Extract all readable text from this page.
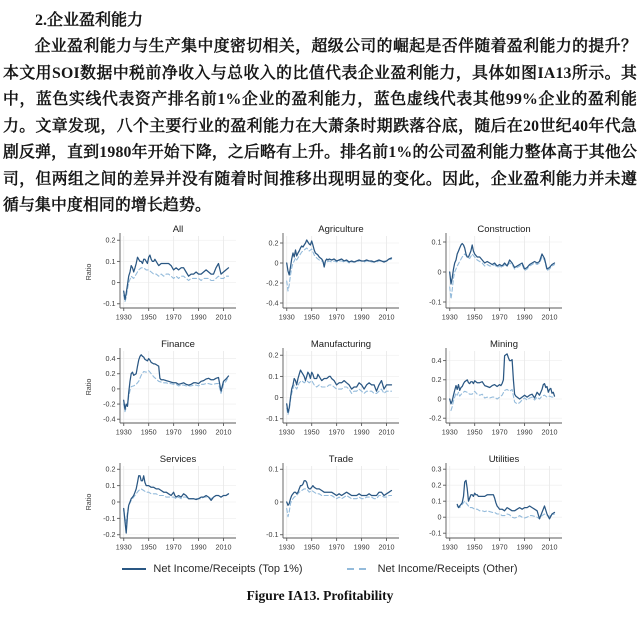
2.企业盈利能力

企业盈利能力与生产集中度密切相关，超级公司的崛起是否伴随着盈利能力的提升？本文用SOI数据中税前净收入与总收入的比值代表企业盈利能力，具体如图IA13所示。其中，蓝色实线代表资产排名前1%企业的盈利能力，蓝色虚线代表其他99%企业的盈利能力。文章发现，八个主要行业的盈利能力在大萧条时期跌落谷底，随后在20世纪40年代急剧反弹，直到1980年开始下降，之后略有上升。排名前1%的公司盈利能力整体高于其他公司，但两组之间的差异并没有随着时间推移出现明显的变化。因此，企业盈利能力并未遵循与集中度相同的增长趋势。

-0.1
0
0.1
0.2
1930 1950 1970 1990 2010
All
Ratio
-0.4
-0.2
0
0.2
1930 1950 1970 1990 2010
Agriculture
-0.1
0
0.1
1930 1950 1970 1990 2010
Construction
-0.4
-0.2
0
0.2
0.4
1930 1950 1970 1990 2010
Finance
Ratio
-0.1
0
0.1
0.2
1930 1950 1970 1990 2010
Manufacturing
-0.2
0
0.2
0.4
1930 1950 1970 1990 2010
Mining
-0.2
-0.1
0
0.1
0.2
1930 1950 1970 1990 2010
Services
Ratio
-0.1
0
0.1
1930 1950 1970 1990 2010
Trade
-0.1
0
0.1
0.2
0.3
1930 1950 1970 1990 2010
Utilities
Net Income/Receipts (Top 1%)	Net Income/Receipts (Other)
Figure IA13. Profitability
